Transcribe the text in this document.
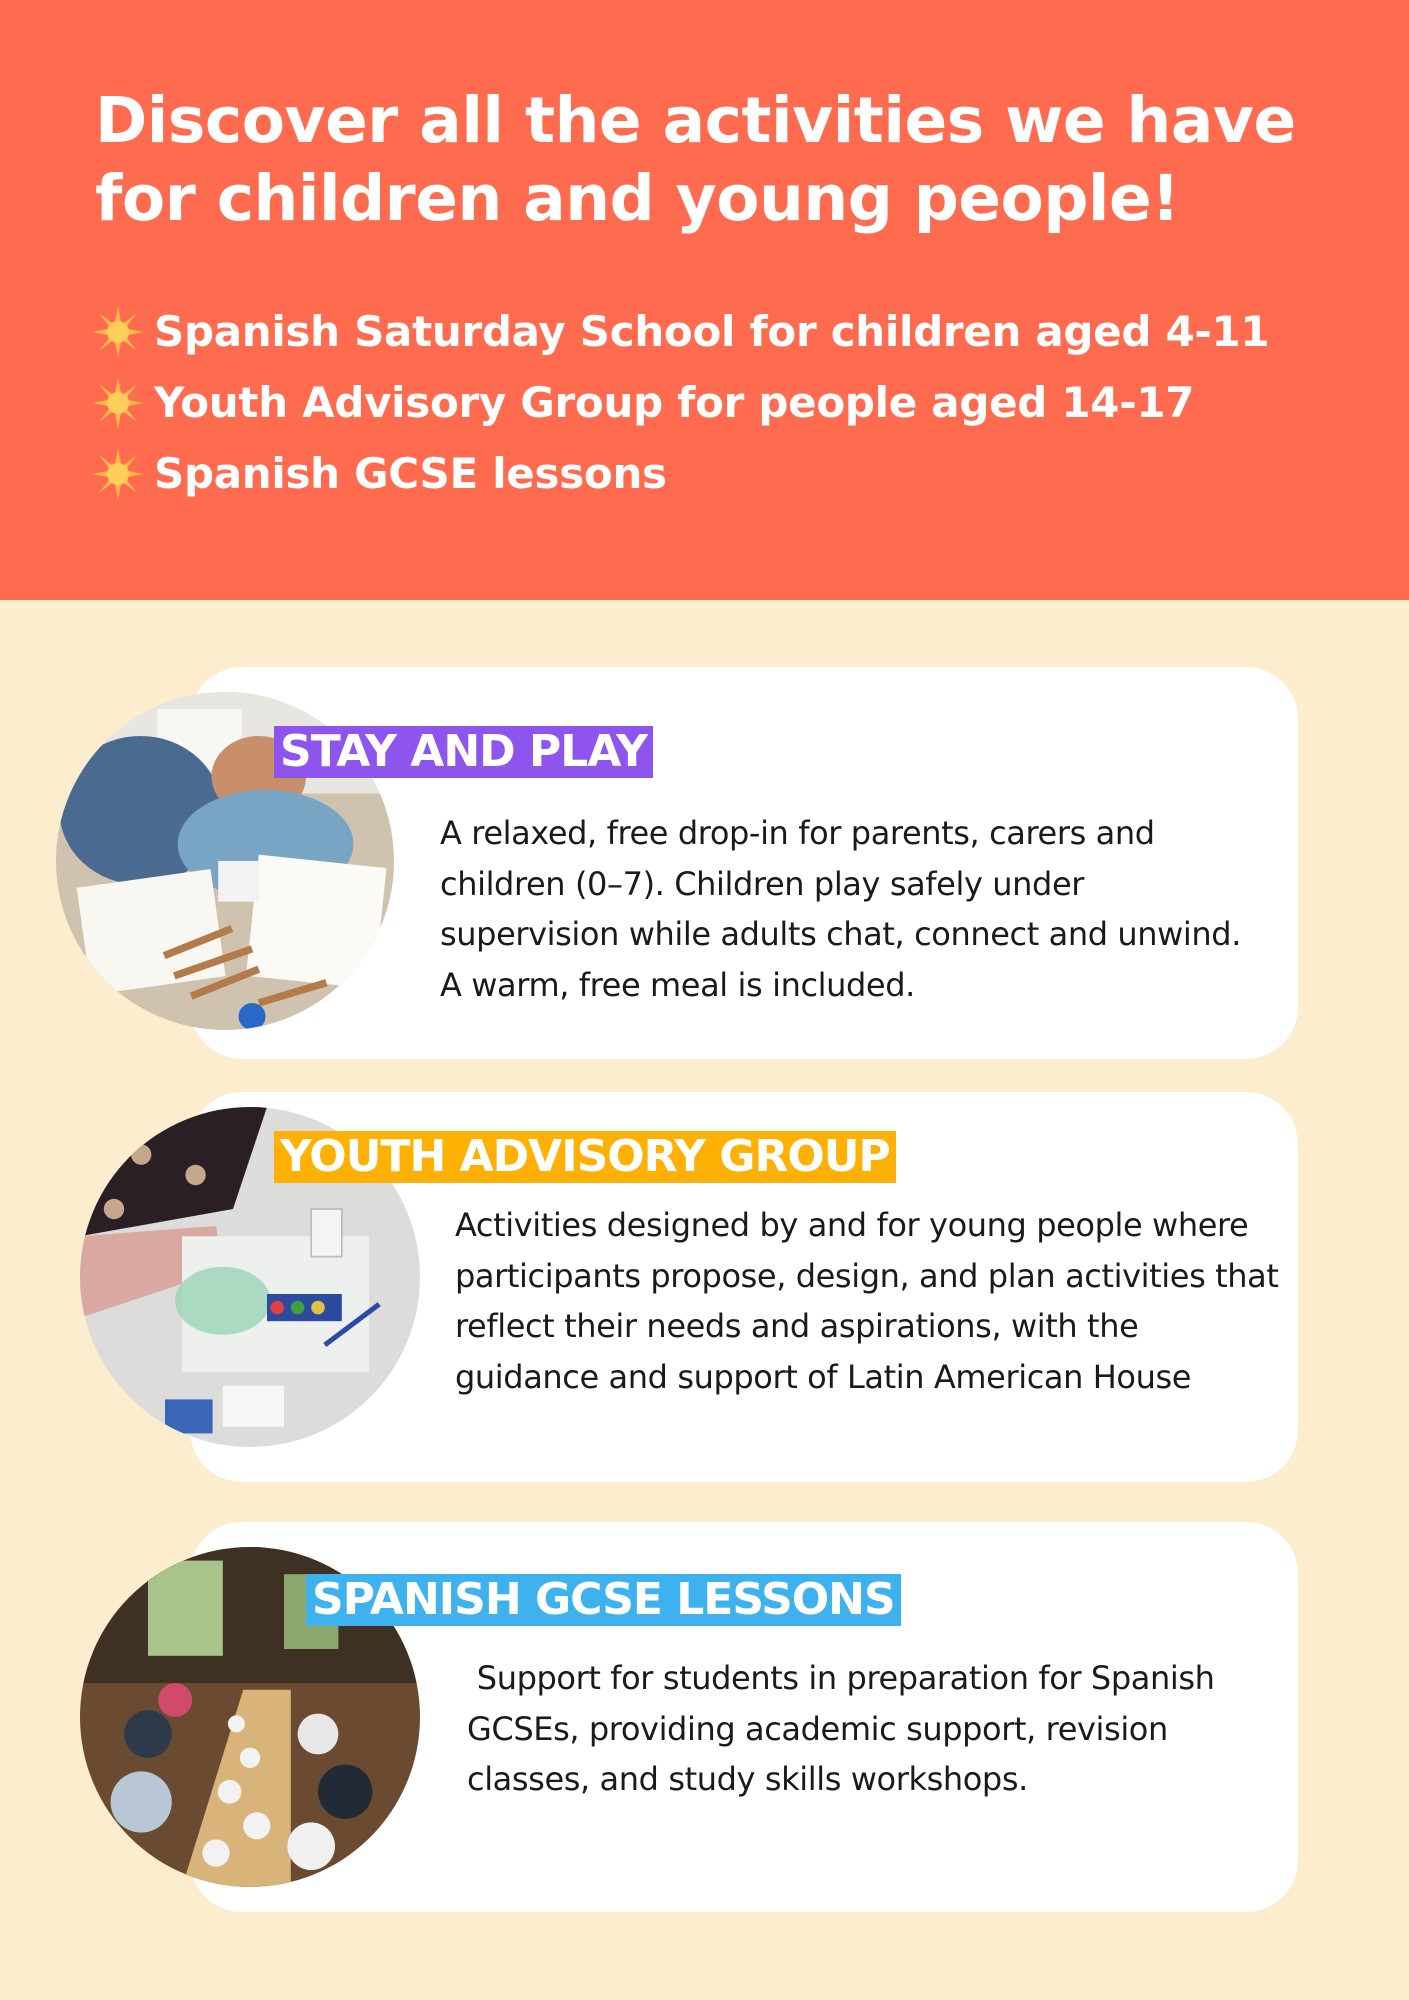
Discover all the activities we have for children and young people!
Spanish Saturday School for children aged 4-11
Youth Advisory Group for people aged 14-17
Spanish GCSE lessons
STAY AND PLAY

A relaxed, free drop-in for parents, carers and children (0–7). Children play safely under supervision while adults chat, connect and unwind. A warm, free meal is included.

YOUTH ADVISORY GROUP

Activities designed by and for young people where participants propose, design, and plan activities that reflect their needs and aspirations, with the guidance and support of Latin American House

SPANISH GCSE LESSONS

Support for students in preparation for Spanish GCSEs, providing academic support, revision classes, and study skills workshops.
